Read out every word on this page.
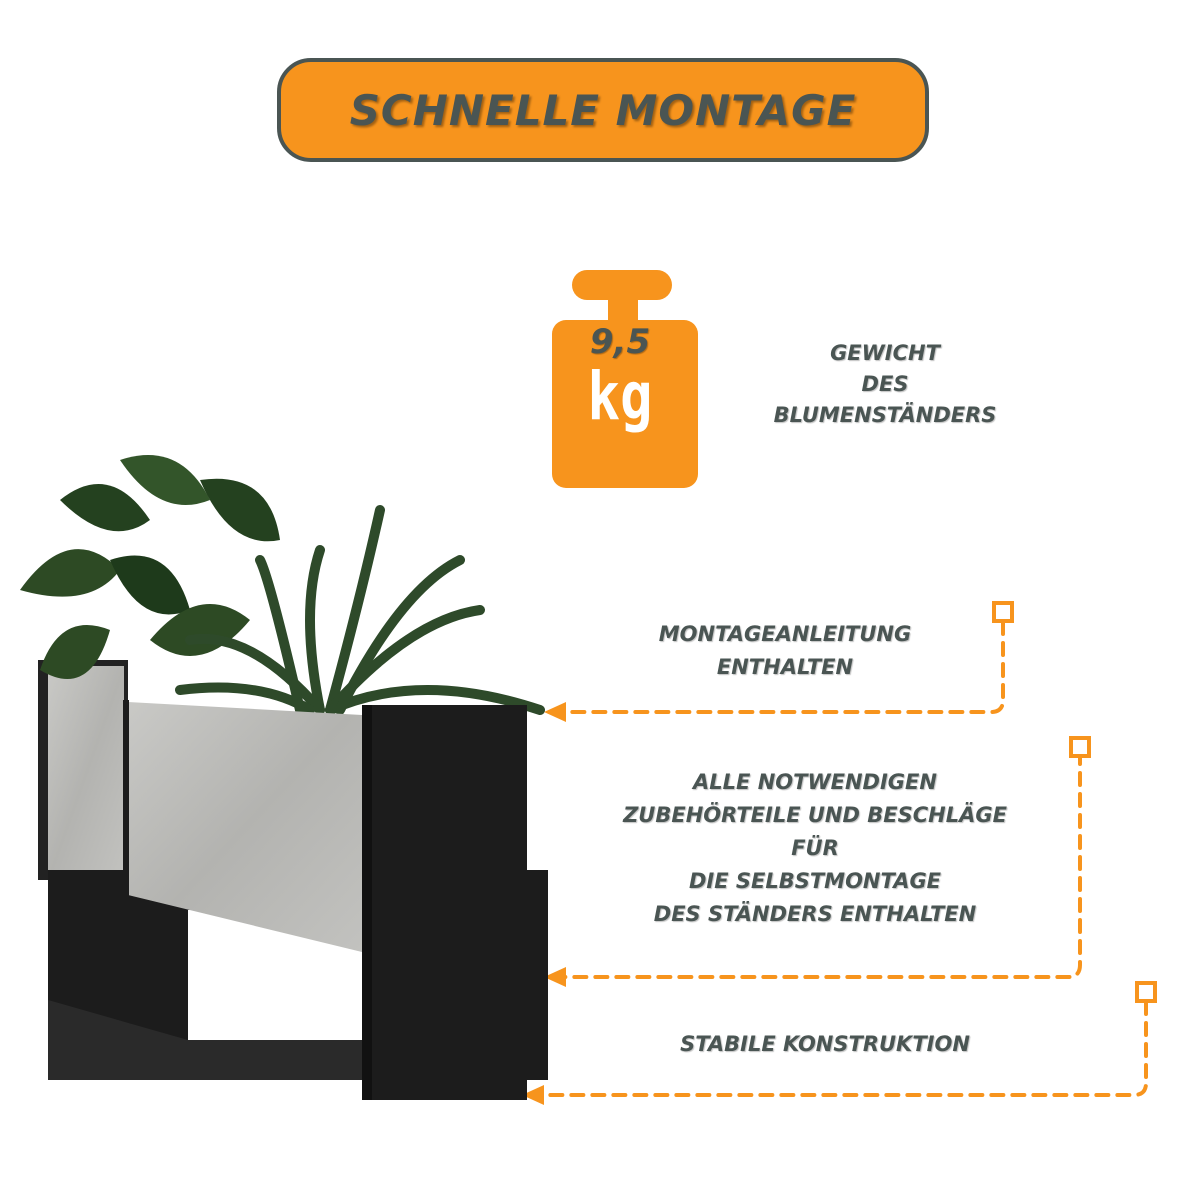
SCHNELLE MONTAGE
9,5
kg
GEWICHT
DES
BLUMENSTÄNDERS
MONTAGEANLEITUNG
ENTHALTEN
ALLE NOTWENDIGEN
ZUBEHÖRTEILE UND BESCHLÄGE
FÜR
DIE SELBSTMONTAGE
DES STÄNDERS ENTHALTEN
STABILE KONSTRUKTION
